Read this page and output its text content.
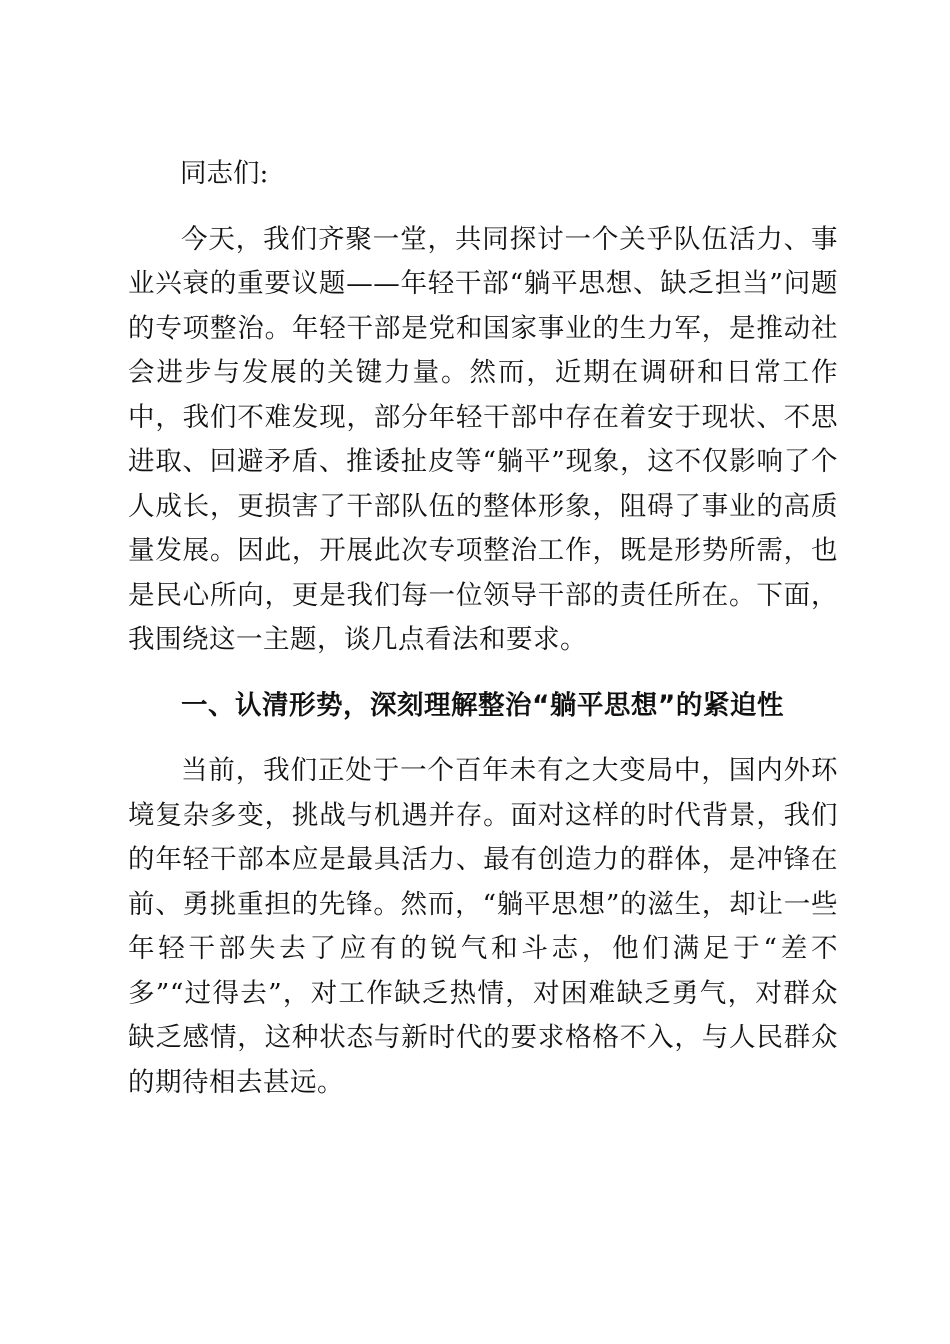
同志们:

今天，我们齐聚一堂，共同探讨一个关乎队伍活力、事业兴衰的重要议题——年轻干部“躺平思想、缺乏担当”问题的专项整治。年轻干部是党和国家事业的生力军，是推动社会进步与发展的关键力量。然而，近期在调研和日常工作中，我们不难发现，部分年轻干部中存在着安于现状、不思进取、回避矛盾、推诿扯皮等“躺平”现象，这不仅影响了个人成长，更损害了干部队伍的整体形象，阻碍了事业的高质量发展。因此，开展此次专项整治工作，既是形势所需，也是民心所向，更是我们每一位领导干部的责任所在。下面，我围绕这一主题，谈几点看法和要求。

一、认清形势，深刻理解整治“躺平思想”的紧迫性

当前，我们正处于一个百年未有之大变局中，国内外环境复杂多变，挑战与机遇并存。面对这样的时代背景，我们的年轻干部本应是最具活力、最有创造力的群体，是冲锋在前、勇挑重担的先锋。然而，“躺平思想”的滋生，却让一些年轻干部失去了应有的锐气和斗志，他们满足于“差不多”“过得去”，对工作缺乏热情，对困难缺乏勇气，对群众缺乏感情，这种状态与新时代的要求格格不入，与人民群众的期待相去甚远。
